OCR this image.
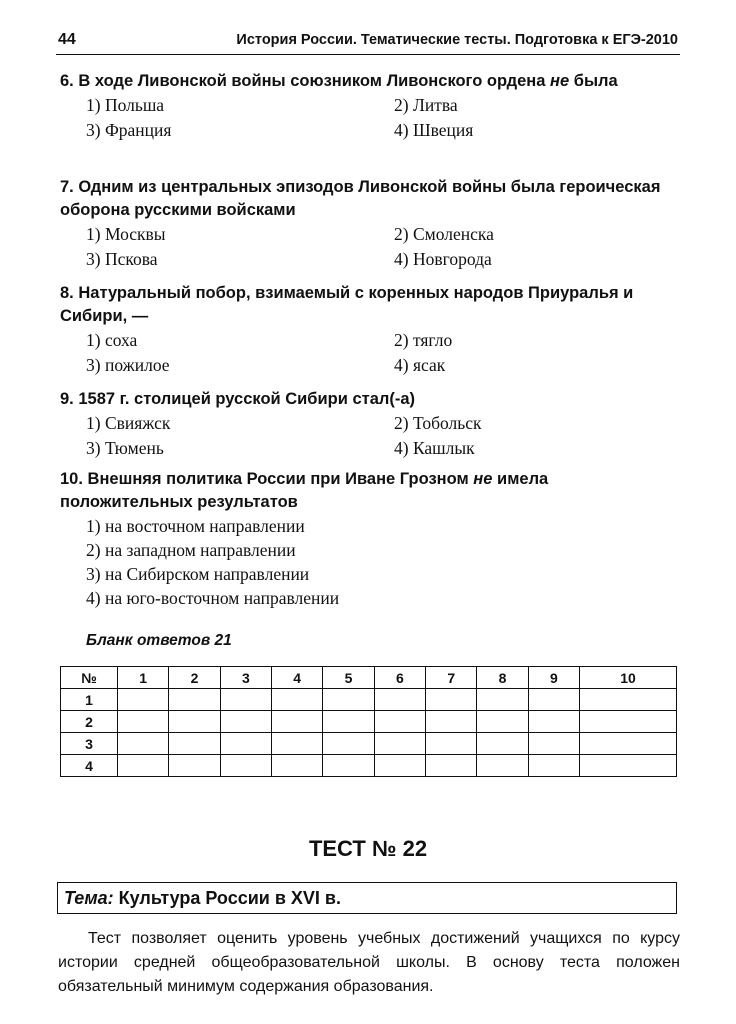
44	История России. Тематические тесты. Подготовка к ЕГЭ-2010
6. В ходе Ливонской войны союзником Ливонского ордена не была
1) Польша	2) Литва
3) Франция	4) Швеция
7. Одним из центральных эпизодов Ливонской войны была героическая оборона русскими войсками
1) Москвы	2) Смоленска
3) Пскова	4) Новгорода
8. Натуральный побор, взимаемый с коренных народов Приуралья и Сибири, —
1) соха	2) тягло
3) пожилое	4) ясак
9. 1587 г. столицей русской Сибири стал(-а)
1) Свияжск	2) Тобольск
3) Тюмень	4) Кашлык
10. Внешняя политика России при Иване Грозном не имела положительных результатов
1) на восточном направлении
2) на западном направлении
3) на Сибирском направлении
4) на юго-восточном направлении
Бланк ответов 21
№	1	2	3	4	5	6	7	8	9	10
1										
2										
3										
4										
ТЕСТ № 22
Тема: Культура России в XVI в.
Тест позволяет оценить уровень учебных достижений учащихся по курсу истории средней общеобразовательной школы. В основу теста положен обязательный минимум содержания образования.
